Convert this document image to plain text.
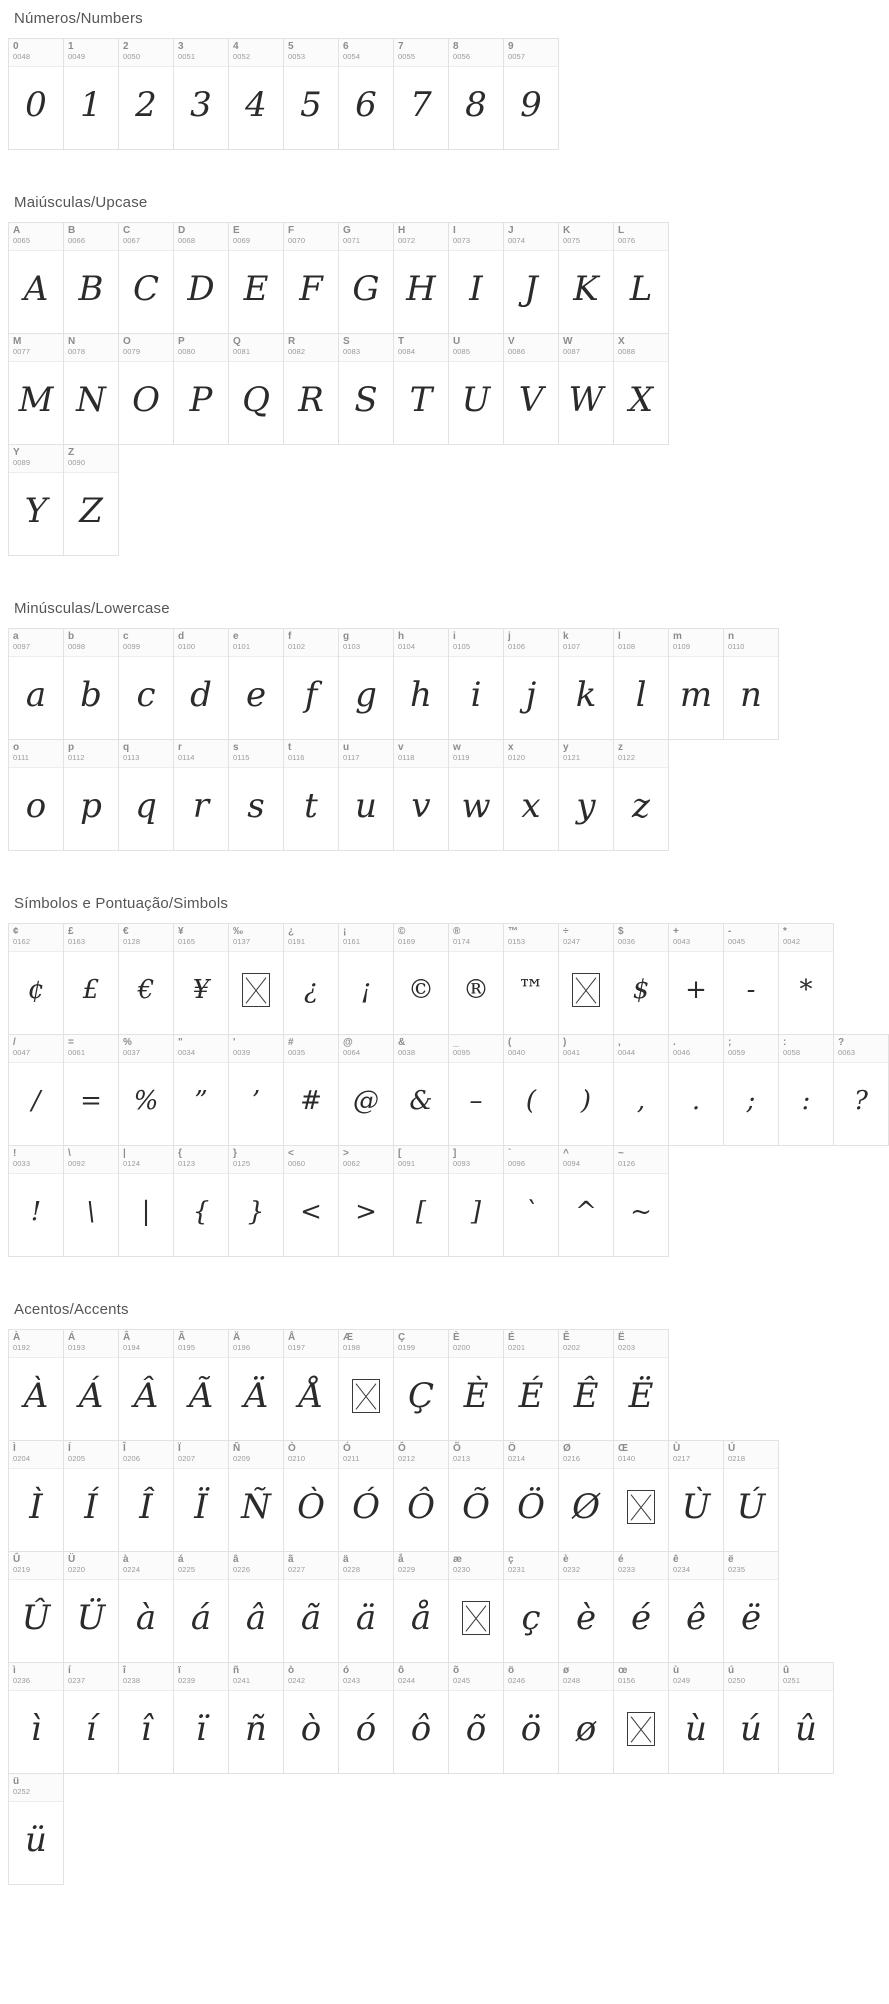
Números/Numbers
0
0048
0
1
0049
1
2
0050
2
3
0051
3
4
0052
4
5
0053
5
6
0054
6
7
0055
7
8
0056
8
9
0057
9
Maiúsculas/Upcase
A
0065
A
B
0066
B
C
0067
C
D
0068
D
E
0069
E
F
0070
F
G
0071
G
H
0072
H
I
0073
I
J
0074
J
K
0075
K
L
0076
L
M
0077
M
N
0078
N
O
0079
O
P
0080
P
Q
0081
Q
R
0082
R
S
0083
S
T
0084
T
U
0085
U
V
0086
V
W
0087
W
X
0088
X
Y
0089
Y
Z
0090
Z
Minúsculas/Lowercase
a
0097
a
b
0098
b
c
0099
c
d
0100
d
e
0101
e
f
0102
f
g
0103
g
h
0104
h
i
0105
i
j
0106
j
k
0107
k
l
0108
l
m
0109
m
n
0110
n
o
0111
o
p
0112
p
q
0113
q
r
0114
r
s
0115
s
t
0116
t
u
0117
u
v
0118
v
w
0119
w
x
0120
x
y
0121
y
z
0122
z
Símbolos e Pontuação/Simbols
¢
0162
¢
£
0163
£
€
0128
€
¥
0165
¥
‰
0137
¿
0191
¿
¡
0161
¡
©
0169
©
®
0174
®
™
0153
™
÷
0247
$
0036
$
+
0043
+
-
0045
-
*
0042
*
/
0047
/
=
0061
=
%
0037
%
"
0034
”
'
0039
’
#
0035
#
@
0064
@
&
0038
&
_
0095
–
(
0040
(
)
0041
)
,
0044
,
.
0046
.
;
0059
;
:
0058
:
?
0063
?
!
0033
!
\
0092
\
|
0124
|
{
0123
{
}
0125
}
<
0060
<
>
0062
>
[
0091
[
]
0093
]
`
0096
`
^
0094
^
~
0126
~
Acentos/Accents
À
0192
À
Á
0193
Á
Â
0194
Â
Ã
0195
Ã
Ä
0196
Ä
Å
0197
Å
Æ
0198
Ç
0199
Ç
È
0200
È
É
0201
É
Ê
0202
Ê
Ë
0203
Ë
Ì
0204
Ì
Í
0205
Í
Î
0206
Î
Ï
0207
Ï
Ñ
0209
Ñ
Ò
0210
Ò
Ó
0211
Ó
Ô
0212
Ô
Õ
0213
Õ
Ö
0214
Ö
Ø
0216
Ø
Œ
0140
Ù
0217
Ù
Ú
0218
Ú
Û
0219
Û
Ü
0220
Ü
à
0224
à
á
0225
á
â
0226
â
ã
0227
ã
ä
0228
ä
å
0229
å
æ
0230
ç
0231
ç
è
0232
è
é
0233
é
ê
0234
ê
ë
0235
ë
ì
0236
ì
í
0237
í
î
0238
î
ï
0239
ï
ñ
0241
ñ
ò
0242
ò
ó
0243
ó
ô
0244
ô
õ
0245
õ
ö
0246
ö
ø
0248
ø
œ
0156
ù
0249
ù
ú
0250
ú
û
0251
û
ü
0252
ü
